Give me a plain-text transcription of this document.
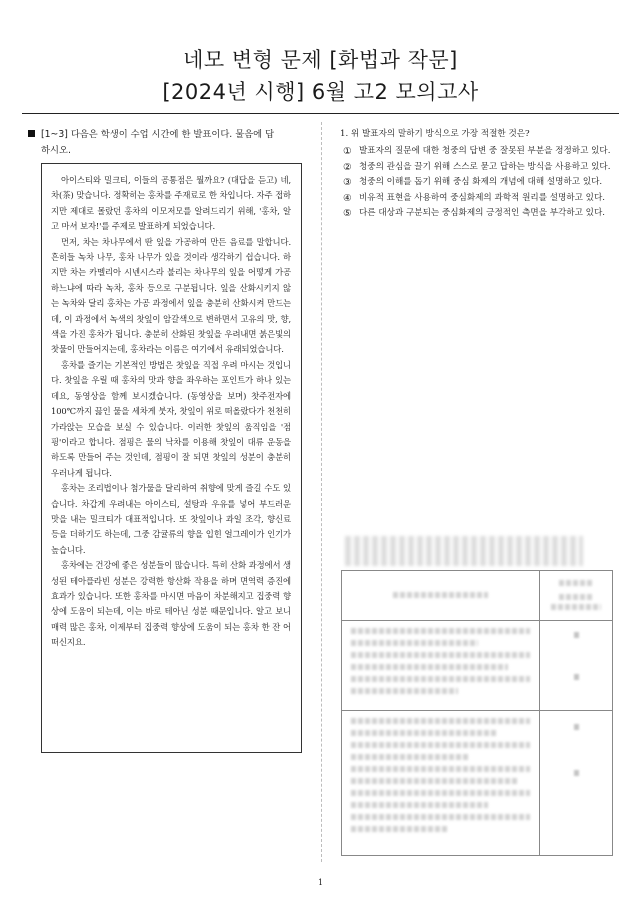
네모 변형 문제 [화법과 작문]
[2024년 시행] 6월 고2 모의고사
[1~3] 다음은 학생이 수업 시간에 한 발표이다. 물음에 답
하시오.

아이스티와 밀크티, 이들의 공통점은 뭘까요? (대답을 듣고) 네, 차(茶) 맞습니다. 정확히는 홍차를 주재료로 한 차입니다. 자주 접하지만 제대로 몰랐던 홍차의 이모저모를 알려드리기 위해, '홍차, 알고 마셔 보자!'를 주제로 발표하게 되었습니다.

먼저, 차는 차나무에서 딴 잎을 가공하여 만든 음료를 말합니다. 흔히들 녹차 나무, 홍차 나무가 있을 것이라 생각하기 쉽습니다. 하지만 차는 카멜리아 시넨시스라 불리는 차나무의 잎을 어떻게 가공하느냐에 따라 녹차, 홍차 등으로 구분됩니다. 잎을 산화시키지 않는 녹차와 달리 홍차는 가공 과정에서 잎을 충분히 산화시켜 만드는데, 이 과정에서 녹색의 찻잎이 암갈색으로 변하면서 고유의 맛, 향, 색을 가진 홍차가 됩니다. 충분히 산화된 찻잎을 우려내면 붉은빛의 찻물이 만들어지는데, 홍차라는 이름은 여기에서 유래되었습니다.

홍차를 즐기는 기본적인 방법은 찻잎을 직접 우려 마시는 것입니다. 찻잎을 우릴 때 홍차의 맛과 향을 좌우하는 포인트가 하나 있는데요, 동영상을 함께 보시겠습니다. (동영상을 보며) 찻주전자에 100℃까지 끓인 물을 세차게 붓자, 찻잎이 위로 떠올랐다가 천천히 가라앉는 모습을 보실 수 있습니다. 이러한 찻잎의 움직임을 '점핑'이라고 합니다. 점핑은 물의 낙차를 이용해 찻잎이 대류 운동을 하도록 만들어 주는 것인데, 점핑이 잘 되면 찻잎의 성분이 충분히 우러나게 됩니다.

홍차는 조리법이나 첨가물을 달리하여 취향에 맞게 즐길 수도 있습니다. 차갑게 우려내는 아이스티, 설탕과 우유를 넣어 부드러운 맛을 내는 밀크티가 대표적입니다. 또 찻잎이나 과일 조각, 향신료 등을 더하기도 하는데, 그중 감귤류의 향을 입힌 얼그레이가 인기가 높습니다.

홍차에는 건강에 좋은 성분들이 많습니다. 특히 산화 과정에서 생성된 테아플라빈 성분은 강력한 항산화 작용을 하며 면역력 증진에 효과가 있습니다. 또한 홍차를 마시면 마음이 차분해지고 집중력 향상에 도움이 되는데, 이는 바로 테아닌 성분 때문입니다. 알고 보니 매력 많은 홍차, 이제부터 집중력 향상에 도움이 되는 홍차 한 잔 어떠신지요.

1. 위 발표자의 말하기 방식으로 가장 적절한 것은?
① 발표자의 질문에 대한 청중의 답변 중 잘못된 부분을 정정하고 있다.
② 청중의 관심을 끌기 위해 스스로 묻고 답하는 방식을 사용하고 있다.
③ 청중의 이해를 돕기 위해 중심 화제의 개념에 대해 설명하고 있다.
④ 비유적 표현을 사용하여 중심화제의 과학적 원리를 설명하고 있다.
⑤ 다른 대상과 구분되는 중심화제의 긍정적인 측면을 부각하고 있다.

1
